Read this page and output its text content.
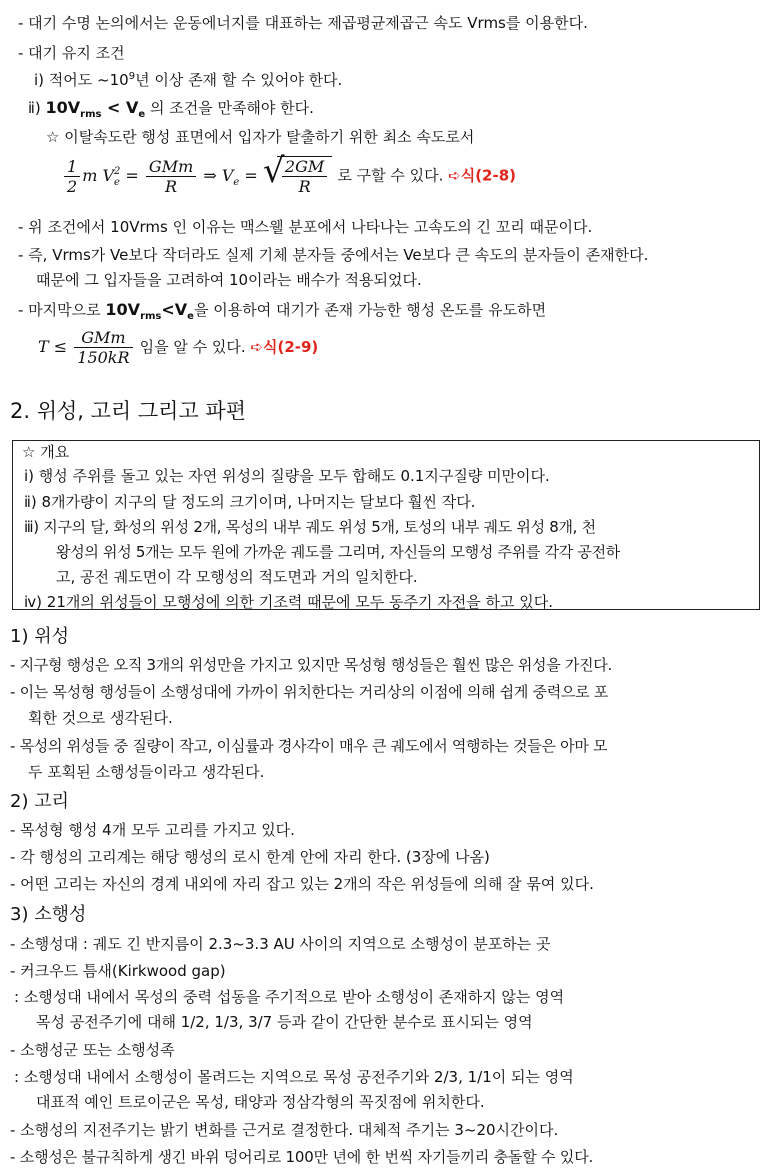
- 대기 수명 논의에서는 운동에너지를 대표하는 제곱평균제곱근 속도 Vrms를 이용한다.
- 대기 유지 조건
ⅰ) 적어도 $\sim 10^9$년 이상 존재 할 수 있어야 한다.
ⅱ) $10V_{rms} < V_e$ 의 조건을 만족해야 한다.
☆ 이탈속도란 행성 표면에서 입자가 탈출하기 위한 최소 속도로서
$\frac{1}{2}$ m $V_e^2 = \frac{\text{GMm}}{R}$ ⇒ $V_e$ = √
$\frac{2GM}{R}$ 로 구할 수 있다. ➪식(2-8)
- 위 조건에서 10Vrms 인 이유는 맥스웰 분포에서 나타나는 고속도의 긴 꼬리 때문이다.
- 즉, Vrms가 Ve보다 작더라도 실제 기체 분자들 중에서는 Ve보다 큰 속도의 분자들이 존재한다.
때문에 그 입자들을 고려하여 10이라는 배수가 적용되었다.
- 마지막으로 $10V_{rms}<V_e$을 이용하여 대기가 존재 가능한 행성 온도를 유도하면
$T \le \frac{\text{GMm}}{150kR}$ 임을 알 수 있다. ➪식(2-9)
2. 위성, 고리 그리고 파편
☆ 개요
ⅰ) 행성 주위를 돌고 있는 자연 위성의 질량을 모두 합해도 0.1지구질량 미만이다.
ⅱ) 8개가량이 지구의 달 정도의 크기이며, 나머지는 달보다 훨씬 작다.
ⅲ) 지구의 달, 화성의 위성 2개, 목성의 내부 궤도 위성 5개, 토성의 내부 궤도 위성 8개, 천
왕성의 위성 5개는 모두 원에 가까운 궤도를 그리며, 자신들의 모행성 주위를 각각 공전하
고, 공전 궤도면이 각 모행성의 적도면과 거의 일치한다.
ⅳ) 21개의 위성들이 모행성에 의한 기조력 때문에 모두 동주기 자전을 하고 있다.
1) 위성
- 지구형 행성은 오직 3개의 위성만을 가지고 있지만 목성형 행성들은 훨씬 많은 위성을 가진다.
- 이는 목성형 행성들이 소행성대에 가까이 위치한다는 거리상의 이점에 의해 쉽게 중력으로 포
획한 것으로 생각된다.
- 목성의 위성들 중 질량이 작고, 이심률과 경사각이 매우 큰 궤도에서 역행하는 것들은 아마 모
두 포획된 소행성들이라고 생각된다.
2) 고리
- 목성형 행성 4개 모두 고리를 가지고 있다.
- 각 행성의 고리계는 해당 행성의 로시 한계 안에 자리 한다. (3장에 나옴)
- 어떤 고리는 자신의 경계 내외에 자리 잡고 있는 2개의 작은 위성들에 의해 잘 묶여 있다.
3) 소행성
- 소행성대 : 궤도 긴 반지름이 2.3~3.3 AU 사이의 지역으로 소행성이 분포하는 곳
- 커크우드 틈새(Kirkwood gap)
: 소행성대 내에서 목성의 중력 섭동을 주기적으로 받아 소행성이 존재하지 않는 영역
목성 공전주기에 대해 1/2, 1/3, 3/7 등과 같이 간단한 분수로 표시되는 영역
- 소행성군 또는 소행성족
: 소행성대 내에서 소행성이 몰려드는 지역으로 목성 공전주기와 2/3, 1/1이 되는 영역
대표적 예인 트로이군은 목성, 태양과 정삼각형의 꼭짓점에 위치한다.
- 소행성의 지전주기는 밝기 변화를 근거로 결정한다. 대체적 주기는 3~20시간이다.
- 소행성은 불규칙하게 생긴 바위 덩어리로 100만 년에 한 번씩 자기들끼리 충돌할 수 있다.
